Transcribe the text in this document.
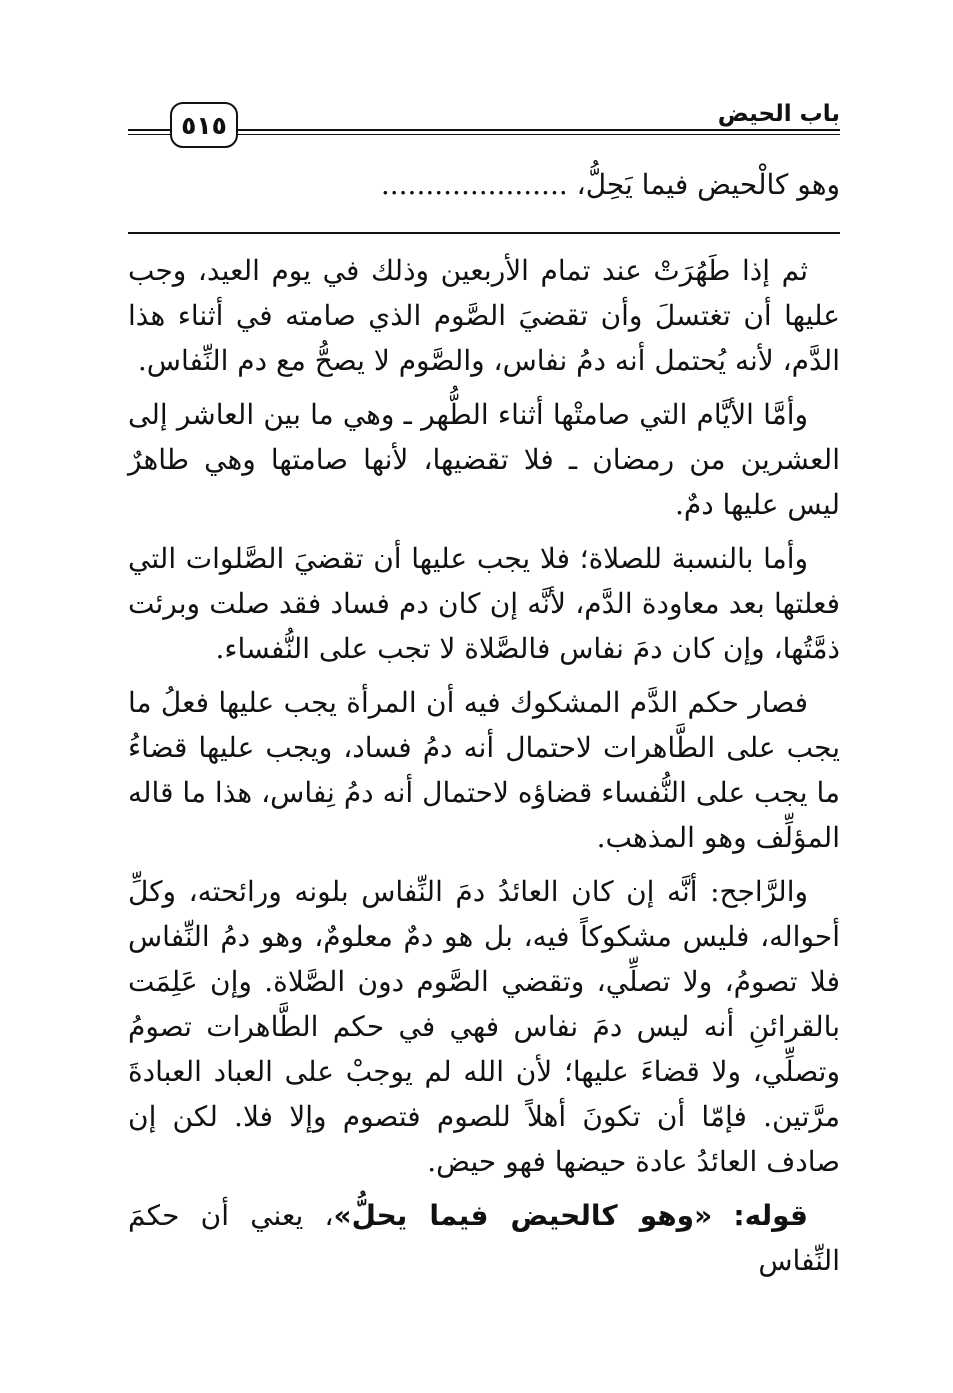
باب الحيض
٥١٥
وهو كالْحيض فيما يَحِلُّ، .....................

ثم إذا طَهُرَتْ عند تمام الأربعين وذلك في يوم العيد، وجب عليها أن تغتسلَ وأن تقضيَ الصَّوم الذي صامته في أثناء هذا الدَّم، لأنه يُحتمل أنه دمُ نفاس، والصَّوم لا يصحُّ مع دم النِّفاس.

وأمَّا الأيَّام التي صامتْها أثناء الطُّهر ـ وهي ما بين العاشر إلى العشرين من رمضان ـ فلا تقضيها، لأنها صامتها وهي طاهرٌ ليس عليها دمٌ.

وأما بالنسبة للصلاة؛ فلا يجب عليها أن تقضيَ الصَّلوات التي فعلتها بعد معاودة الدَّم، لأنَّه إن كان دم فساد فقد صلت وبرئت ذمَّتُها، وإن كان دمَ نفاس فالصَّلاة لا تجب على النُّفساء.

فصار حكم الدَّم المشكوك فيه أن المرأة يجب عليها فعلُ ما يجب على الطَّاهرات لاحتمال أنه دمُ فساد، ويجب عليها قضاءُ ما يجب على النُّفساء قضاؤه لاحتمال أنه دمُ نِفاس، هذا ما قاله المؤلِّف وهو المذهب.

والرَّاجح: أنَّه إن كان العائدُ دمَ النِّفاس بلونه ورائحته، وكلِّ أحواله، فليس مشكوكاً فيه، بل هو دمٌ معلومٌ، وهو دمُ النِّفاس فلا تصومُ، ولا تصلِّي، وتقضي الصَّوم دون الصَّلاة. وإن عَلِمَت بالقرائنِ أنه ليس دمَ نفاس فهي في حكم الطَّاهرات تصومُ وتصلِّي، ولا قضاءَ عليها؛ لأن الله لم يوجبْ على العباد العبادةَ مرَّتين. فإمّا أن تكونَ أهلاً للصوم فتصوم وإلا فلا. لكن إن صادف العائدُ عادة حيضها فهو حيض.

قوله: «وهو كالحيض فيما يحلُّ»، يعني أن حكمَ النِّفاس
